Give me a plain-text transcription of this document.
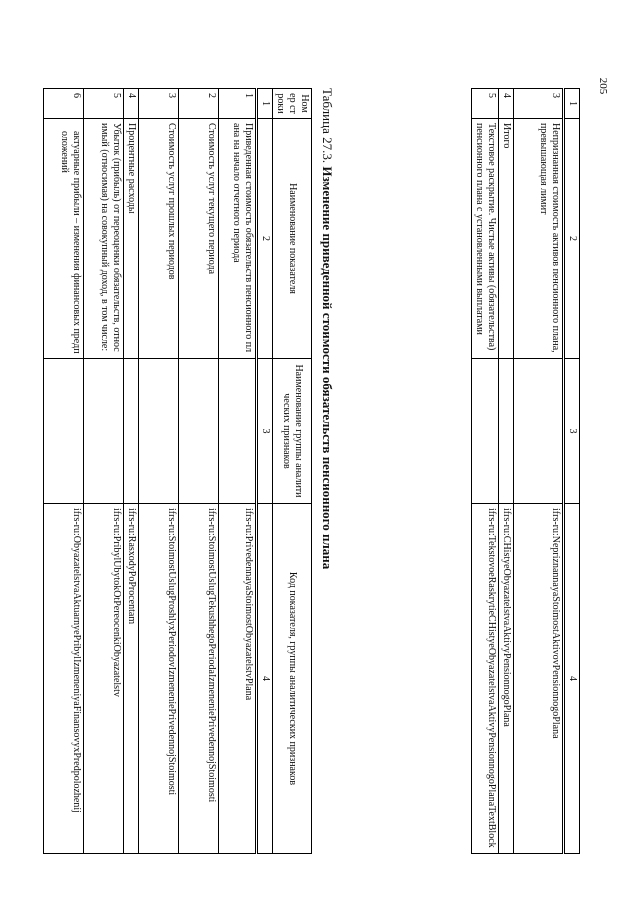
205
1	2	3	4
3	Непризнанная стоимость активов пенсионного плана, превышающая лимит		ifrs-ru:NepriznannayaStoimostAktivovPensionnogoPlana
4	Итого		ifrs-ru:CHistyeObyazatelstvaAktivyPensionnogoPlana
5	Текстовое раскрытие. Чистые активы (обязательства) пенсионного плана с установленными выплатами		ifrs-ru:TekstovoeRaskrytieCHistyeObyazatelstvaAktivyPensionnogoPlanaTextBlock
Таблица 27.3. Изменение приведенной стоимости обязательств пенсионного плана
Номер строки	Наименование показателя	Наименование группы аналитических признаков	Код показателя, группы аналитических признаков
1	2	3	4
1	Приведенная стоимость обязательств пенсионного плана на начало отчетного периода		ifrs-ru:PrivedennayaStoimostObyazatelstvPlana
2	Стоимость услуг текущего периода		ifrs-ru:StoimostUslugTekushhegoPeriodaIzmeneniePrivedennojStoimosti
3	Стоимость услуг прошлых периодов		ifrs-ru:StoimostUslugProshlyxPeriodovIzmeneniePrivedennojStoimosti
4	Процентные расходы		ifrs-ru:RasxodyPoProcentam
5	Убыток (прибыль) от переоценки обязательств, относимый (относимая) на совокупный доход, в том числе:		ifrs-ru:PribylUbytokOtPereocenkiObyazatelstv
6	актуарные прибыли – изменения финансовых предположений		ifrs-ru:ObyazatelstvaAktuarnyePribylIzmeneniyaFinansovyxPredpolozhenij
